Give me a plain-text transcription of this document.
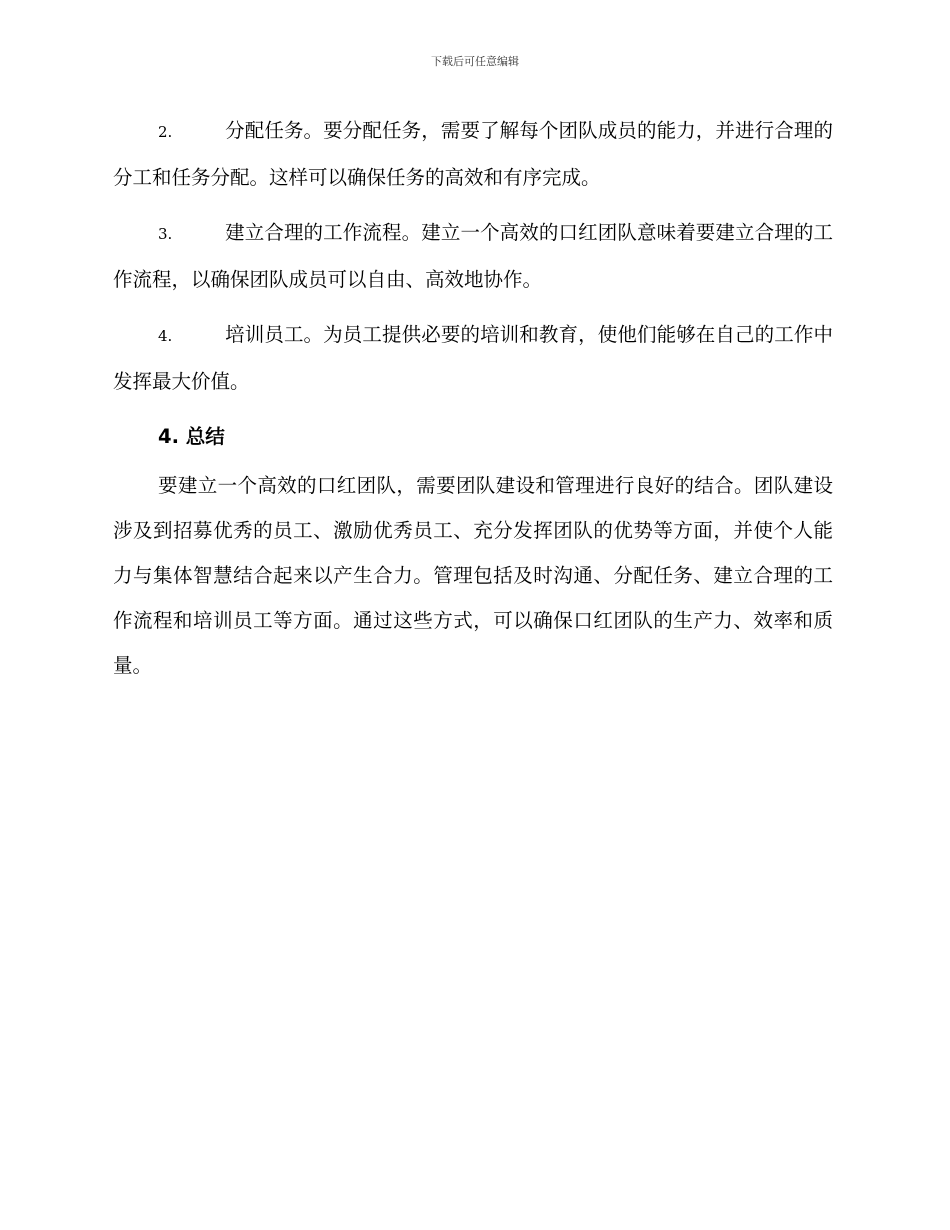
下载后可任意编辑

2.	分配任务。要分配任务，需要了解每个团队成员的能力，并进行合理的分工和任务分配。这样可以确保任务的高效和有序完成。

3.	建立合理的工作流程。建立一个高效的口红团队意味着要建立合理的工作流程，以确保团队成员可以自由、高效地协作。

4.	培训员工。为员工提供必要的培训和教育，使他们能够在自己的工作中发挥最大价值。

4. 总结

要建立一个高效的口红团队，需要团队建设和管理进行良好的结合。团队建设涉及到招募优秀的员工、激励优秀员工、充分发挥团队的优势等方面，并使个人能力与集体智慧结合起来以产生合力。管理包括及时沟通、分配任务、建立合理的工作流程和培训员工等方面。通过这些方式，可以确保口红团队的生产力、效率和质量。
